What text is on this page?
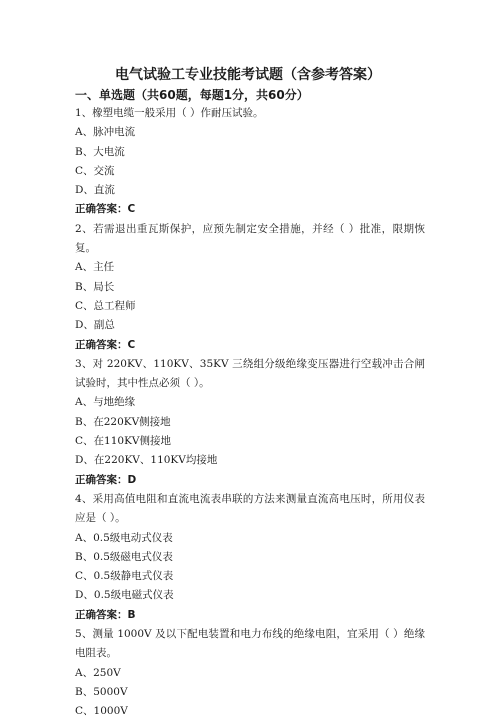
电气试验工专业技能考试题（含参考答案）
一、单选题（共60题，每题1分，共60分）

1、橡塑电缆一般采用（ ）作耐压试验。

A、脉冲电流

B、大电流

C、交流

D、直流

正确答案：C

2、若需退出重瓦斯保护，应预先制定安全措施，并经（ ）批准，限期恢复。

A、主任

B、局长

C、总工程师

D、副总

正确答案：C

3、对 220KV、110KV、35KV 三绕组分级绝缘变压器进行空载冲击合闸试验时，其中性点必须（ ）。

A、与地绝缘

B、在220KV侧接地

C、在110KV侧接地

D、在220KV、110KV均接地

正确答案：D

4、采用高值电阻和直流电流表串联的方法来测量直流高电压时，所用仪表应是（ ）。

A、0.5级电动式仪表

B、0.5级磁电式仪表

C、0.5级静电式仪表

D、0.5级电磁式仪表

正确答案：B

5、测量 1000V 及以下配电装置和电力布线的绝缘电阻，宜采用（ ）绝缘电阻表。

A、250V

B、5000V

C、1000V
